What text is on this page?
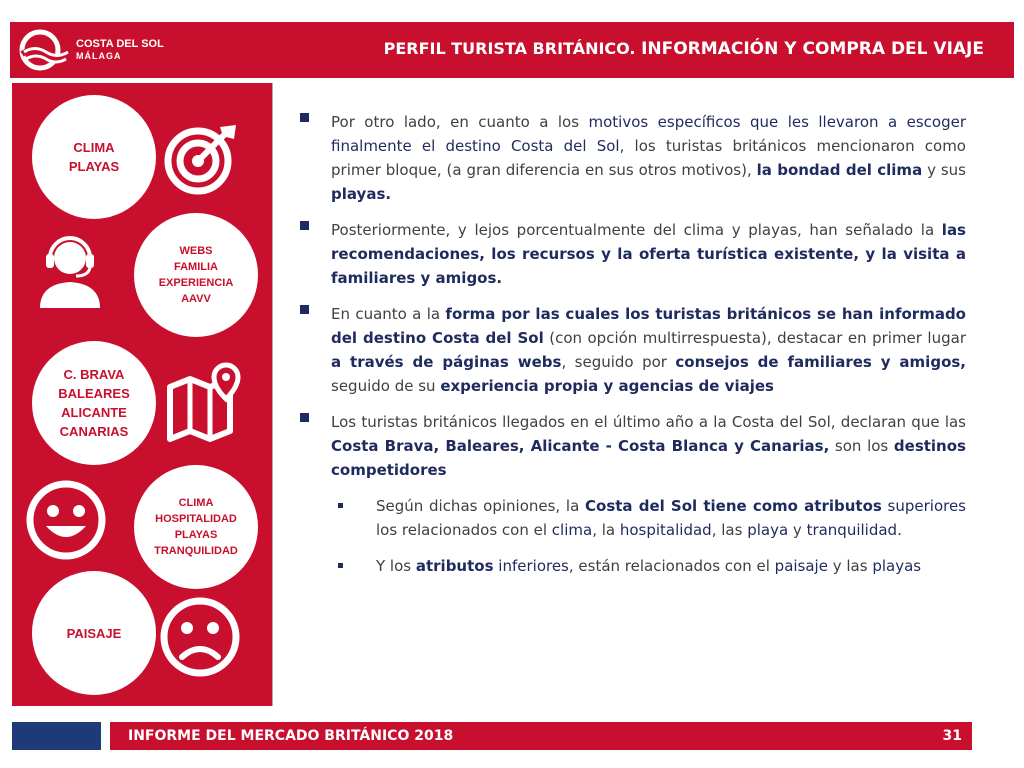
COSTA DEL SOL
MÁLAGA	PERFIL TURISTA BRITÁNICO. INFORMACIÓN Y COMPRA DEL VIAJE
CLIMA
PLAYAS
WEBS
FAMILIA
EXPERIENCIA
AAVV
C. BRAVA
BALEARES
ALICANTE
CANARIAS
CLIMA
HOSPITALIDAD
PLAYAS
TRANQUILIDAD
PAISAJE
Por otro lado, en cuanto a los motivos específicos que les llevaron a escoger finalmente el destino Costa del Sol, los turistas británicos mencionaron como primer bloque, (a gran diferencia en sus otros motivos), la bondad del clima y sus playas.
Posteriormente, y lejos porcentualmente del clima y playas, han señalado la las recomendaciones, los recursos y la oferta turística existente, y la visita a familiares y amigos.
En cuanto a la forma por las cuales los turistas británicos se han informado del destino Costa del Sol (con opción multirrespuesta), destacar en primer lugar a través de páginas webs, seguido por consejos de familiares y amigos, seguido de su experiencia propia y agencias de viajes
Los turistas británicos llegados en el último año a la Costa del Sol, declaran que las Costa Brava, Baleares, Alicante - Costa Blanca y Canarias, son los destinos competidores
Según dichas opiniones, la Costa del Sol tiene como atributos superiores los relacionados con el clima, la hospitalidad, las playa y tranquilidad.
Y los atributos inferiores, están relacionados con el paisaje y las playas
INFORME DEL MERCADO BRITÁNICO 2018	31
